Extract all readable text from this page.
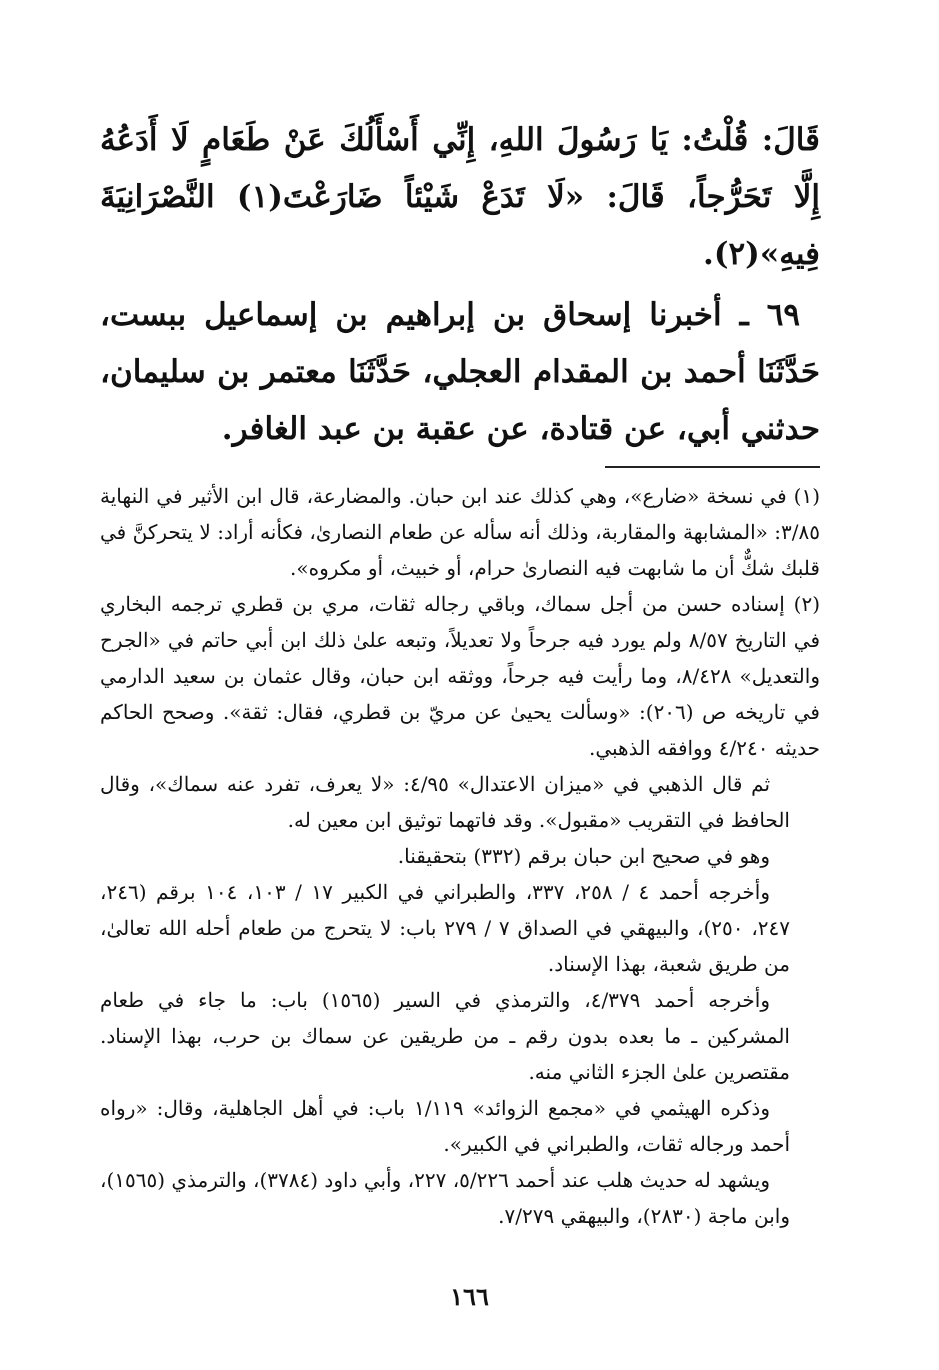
قَالَ: قُلْتُ: يَا رَسُولَ اللهِ، إِنِّي أَسْأَلُكَ عَنْ طَعَامٍ لَا أَدَعُهُ إِلَّا تَحَرُّجاً، قَالَ: «لَا تَدَعْ شَيْئاً ضَارَعْتَ(١) النَّصْرَانِيَةَ فِيهِ»(٢).

٦٩ ـ أخبرنا إسحاق بن إبراهيم بن إسماعيل ببست، حَدَّثَنَا أحمد بن المقدام العجلي، حَدَّثَنَا معتمر بن سليمان، حدثني أبي، عن قتادة، عن عقبة بن عبد الغافر.

(١) في نسخة «ضارع»، وهي كذلك عند ابن حبان. والمضارعة، قال ابن الأثير في النهاية ٣/٨٥: «المشابهة والمقاربة، وذلك أنه سأله عن طعام النصارىٰ، فكأنه أراد: لا يتحركنَّ في قلبك شكٌّ أن ما شابهت فيه النصارىٰ حرام، أو خبيث، أو مكروه».

(٢) إسناده حسن من أجل سماك، وباقي رجاله ثقات، مري بن قطري ترجمه البخاري في التاريخ ٨/٥٧ ولم يورد فيه جرحاً ولا تعديلاً، وتبعه علىٰ ذلك ابن أبي حاتم في «الجرح والتعديل» ٨/٤٢٨، وما رأيت فيه جرحاً، ووثقه ابن حبان، وقال عثمان بن سعيد الدارمي في تاريخه ص (٢٠٦): «وسألت يحيىٰ عن مريّ بن قطري، فقال: ثقة». وصحح الحاكم حديثه ٤/٢٤٠ ووافقه الذهبي.

ثم قال الذهبي في «ميزان الاعتدال» ٤/٩٥: «لا يعرف، تفرد عنه سماك»، وقال الحافظ في التقريب «مقبول». وقد فاتهما توثيق ابن معين له.

وهو في صحيح ابن حبان برقم (٣٣٢) بتحقيقنا.

وأخرجه أحمد ٤ / ٢٥٨، ٣٣٧، والطبراني في الكبير ١٧ / ١٠٣، ١٠٤ برقم (٢٤٦، ٢٤٧، ٢٥٠)، والبيهقي في الصداق ٧ / ٢٧٩ باب: لا يتحرج من طعام أحله الله تعالىٰ، من طريق شعبة، بهذا الإسناد.

وأخرجه أحمد ٤/٣٧٩، والترمذي في السير (١٥٦٥) باب: ما جاء في طعام المشركين ـ ما بعده بدون رقم ـ من طريقين عن سماك بن حرب، بهذا الإسناد. مقتصرين علىٰ الجزء الثاني منه.

وذكره الهيثمي في «مجمع الزوائد» ١/١١٩ باب: في أهل الجاهلية، وقال: «رواه أحمد ورجاله ثقات، والطبراني في الكبير».

ويشهد له حديث هلب عند أحمد ٥/٢٢٦، ٢٢٧، وأبي داود (٣٧٨٤)، والترمذي (١٥٦٥)، وابن ماجة (٢٨٣٠)، والبيهقي ٧/٢٧٩.

١٦٦
